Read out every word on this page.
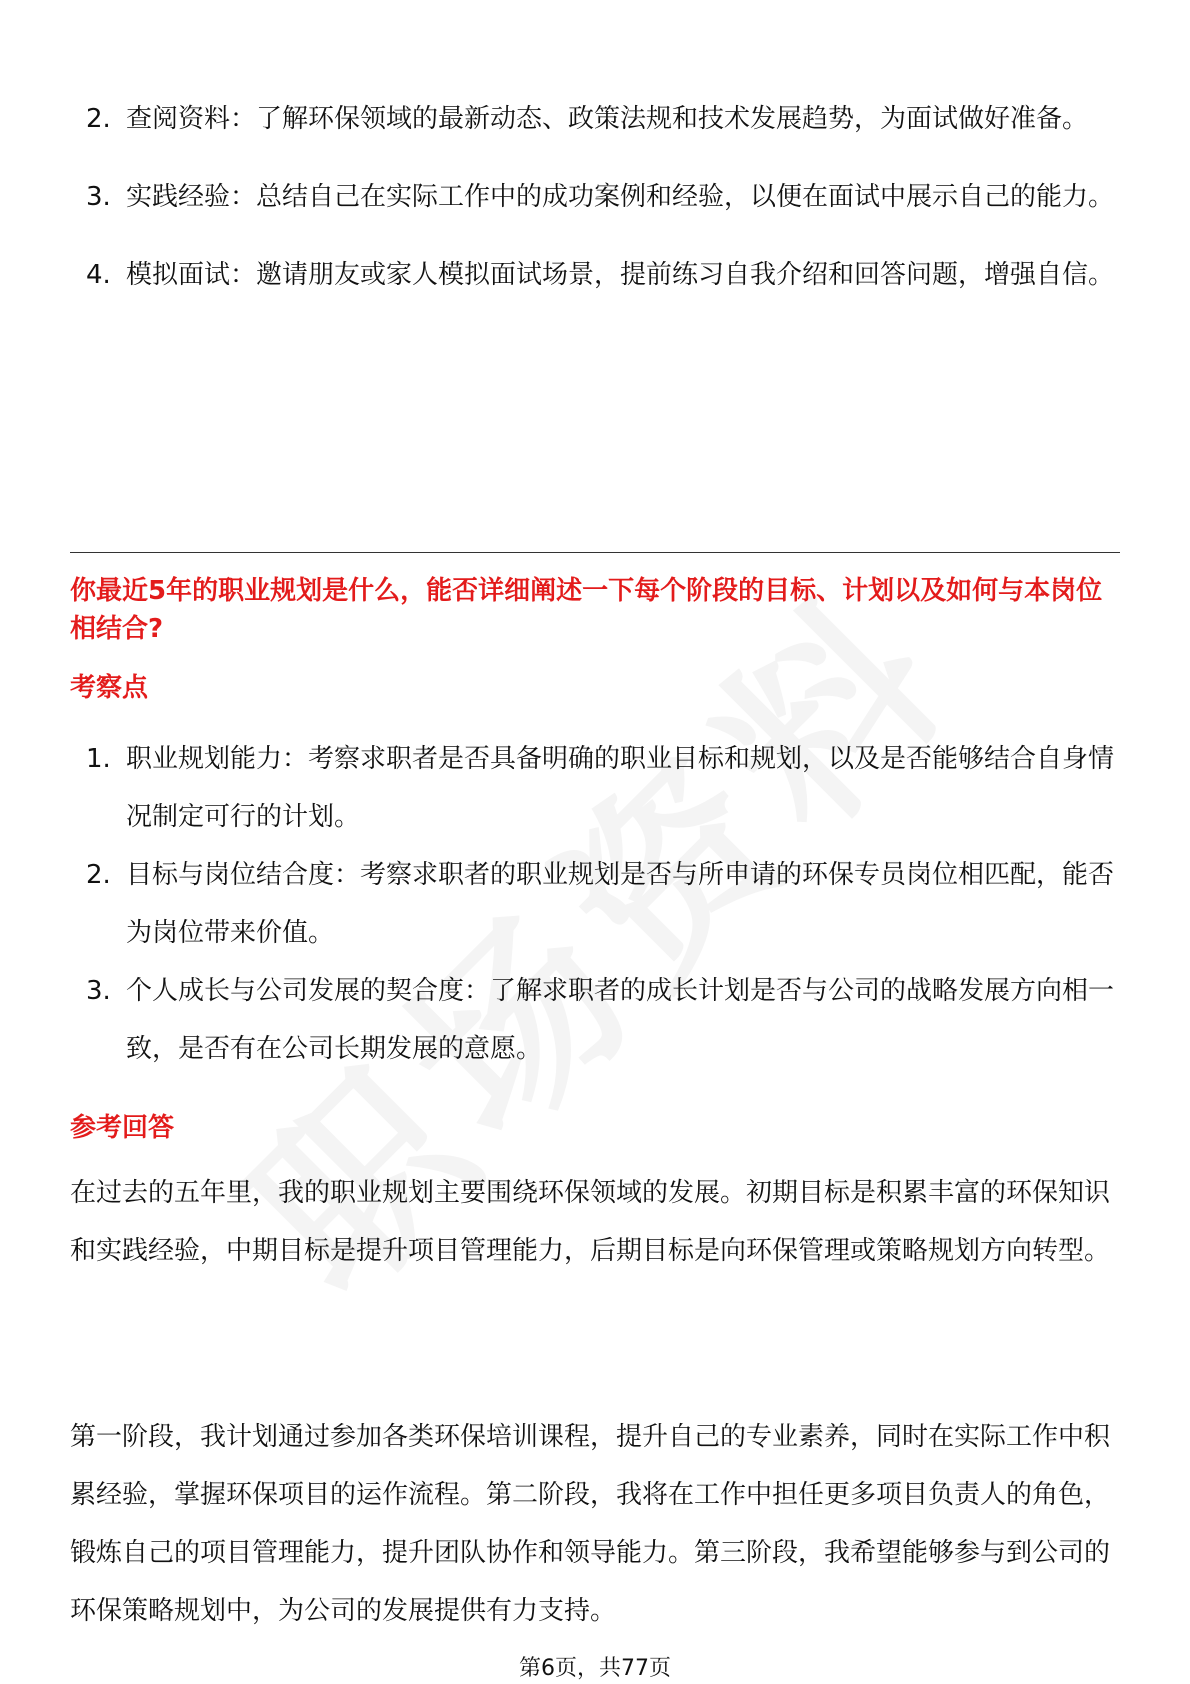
2. 查阅资料：了解环保领域的最新动态、政策法规和技术发展趋势，为面试做好准备。
3. 实践经验：总结自己在实际工作中的成功案例和经验，以便在面试中展示自己的能力。
4. 模拟面试：邀请朋友或家人模拟面试场景，提前练习自我介绍和回答问题，增强自信。
你最近5年的职业规划是什么，能否详细阐述一下每个阶段的目标、计划以及如何与本岗位相结合?
考察点
1. 职业规划能力：考察求职者是否具备明确的职业目标和规划，以及是否能够结合自身情况制定可行的计划。
2. 目标与岗位结合度：考察求职者的职业规划是否与所申请的环保专员岗位相匹配，能否为岗位带来价值。
3. 个人成长与公司发展的契合度：了解求职者的成长计划是否与公司的战略发展方向相一致，是否有在公司长期发展的意愿。
参考回答
在过去的五年里，我的职业规划主要围绕环保领域的发展。初期目标是积累丰富的环保知识和实践经验，中期目标是提升项目管理能力，后期目标是向环保管理或策略规划方向转型。
第一阶段，我计划通过参加各类环保培训课程，提升自己的专业素养，同时在实际工作中积累经验，掌握环保项目的运作流程。第二阶段，我将在工作中担任更多项目负责人的角色，锻炼自己的项目管理能力，提升团队协作和领导能力。第三阶段，我希望能够参与到公司的环保策略规划中，为公司的发展提供有力支持。
第6页，共77页
